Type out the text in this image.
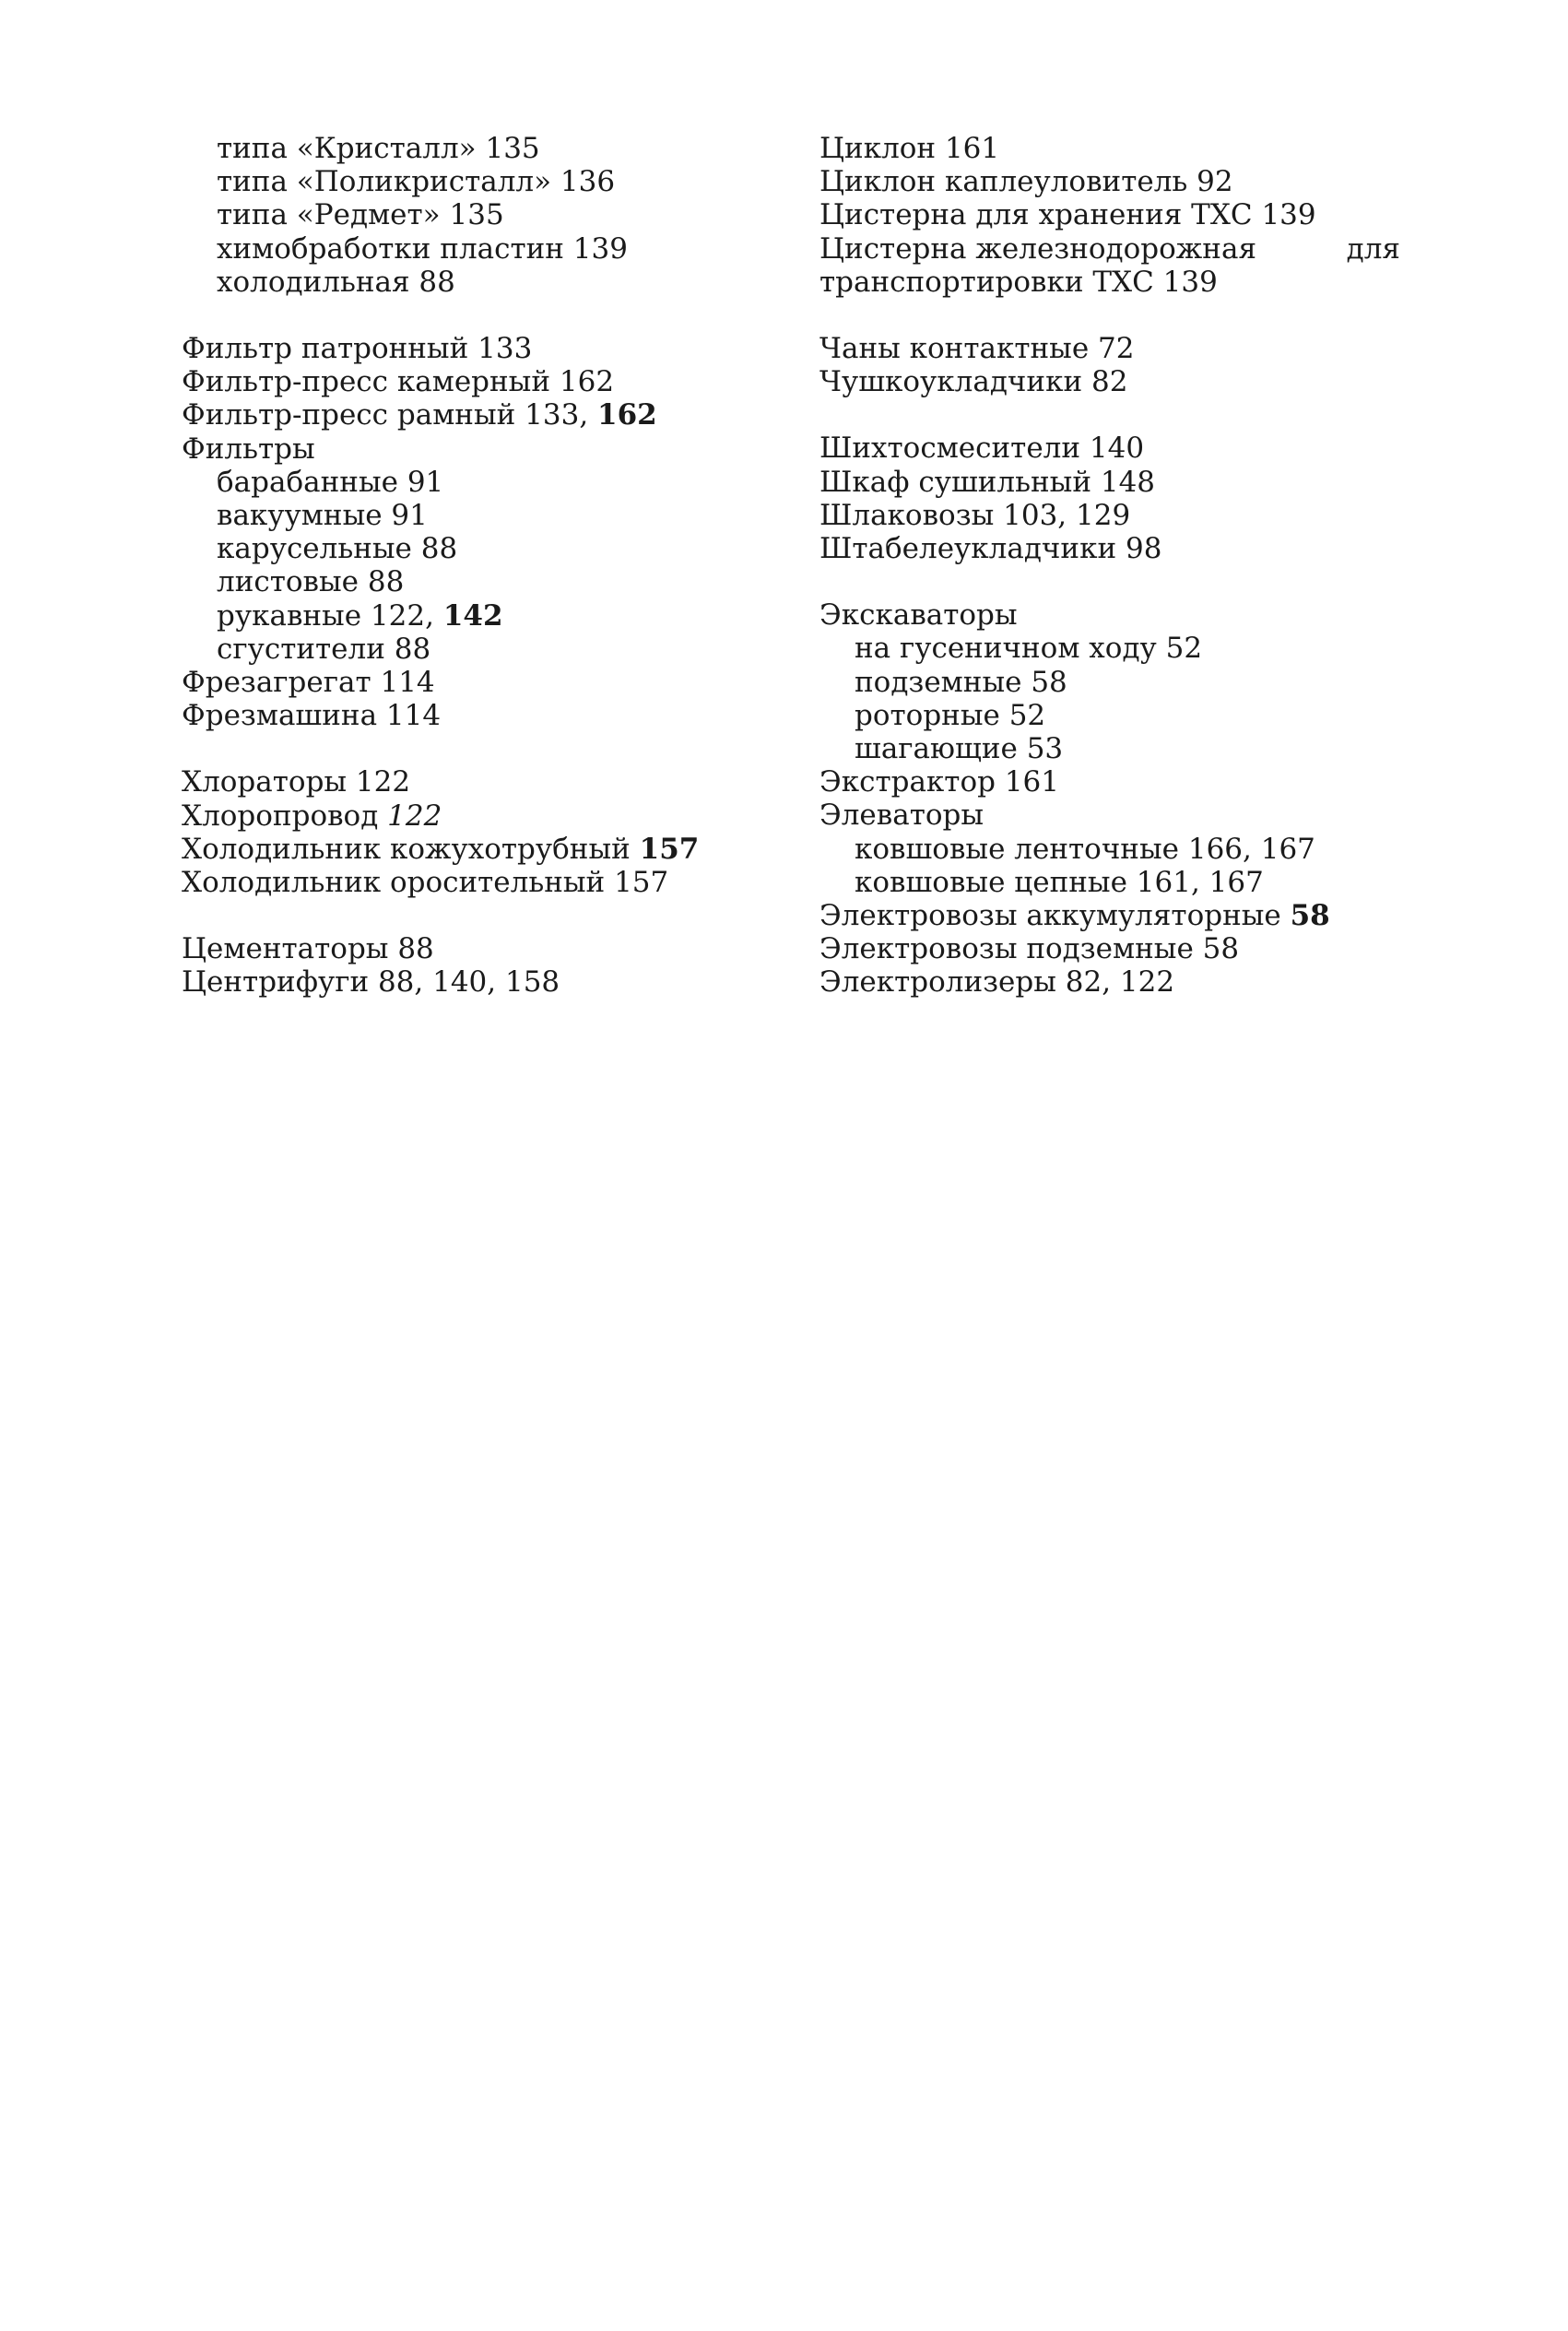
типа «Кристалл» 135
типа «Поликристалл» 136
типа «Редмет» 135
химобработки пластин 139
холодильная 88
Фильтр патронный 133
Фильтр-пресс камерный 162
Фильтр-пресс рамный 133, 162
Фильтры
барабанные 91
вакуумные 91
карусельные 88
листовые 88
рукавные 122, 142
сгустители 88
Фрезагрегат 114
Фрезмашина 114
Хлораторы 122
Хлоропровод 122
Холодильник кожухотрубный 157
Холодильник оросительный 157
Цементаторы 88
Центрифуги 88, 140, 158
Циклон 161
Циклон каплеуловитель 92
Цистерна для хранения ТХС 139
Цистерна железнодорожная	для
транспортировки ТХС 139
Чаны контактные 72
Чушкоукладчики 82
Шихтосмесители 140
Шкаф сушильный 148
Шлаковозы 103, 129
Штабелеукладчики 98
Экскаваторы
на гусеничном ходу 52
подземные 58
роторные 52
шагающие 53
Экстрактор 161
Элеваторы
ковшовые ленточные 166, 167
ковшовые цепные 161, 167
Электровозы аккумуляторные 58
Электровозы подземные 58
Электролизеры 82, 122
